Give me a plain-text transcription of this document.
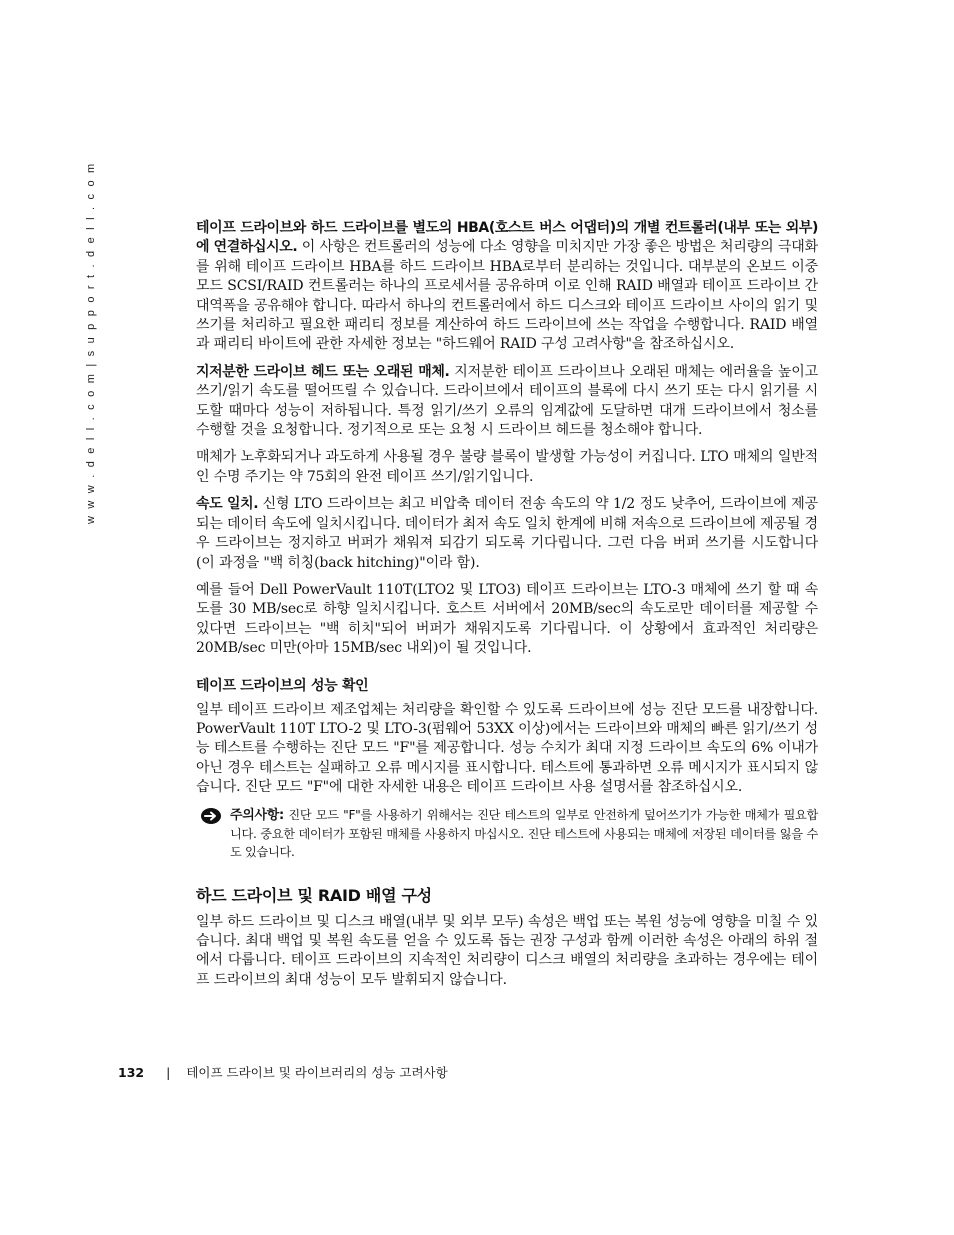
w w w . d e l l . c o m | s u p p o r t . d e l l . c o m	테이프 드라이브와 하드 드라이브를 별도의 HBA(호스트 버스 어댑터)의 개별 컨트롤러(내부 또는 외부)에 연결하십시오. 이 사항은 컨트롤러의 성능에 다소 영향을 미치지만 가장 좋은 방법은 처리량의 극대화를 위해 테이프 드라이브 HBA를 하드 드라이브 HBA로부터 분리하는 것입니다. 대부분의 온보드 이중 모드 SCSI/RAID 컨트롤러는 하나의 프로세서를 공유하며 이로 인해 RAID 배열과 테이프 드라이브 간 대역폭을 공유해야 합니다. 따라서 하나의 컨트롤러에서 하드 디스크와 테이프 드라이브 사이의 읽기 및 쓰기를 처리하고 필요한 패리티 정보를 계산하여 하드 드라이브에 쓰는 작업을 수행합니다. RAID 배열과 패리티 바이트에 관한 자세한 정보는 "하드웨어 RAID 구성 고려사항"을 참조하십시오.

지저분한 드라이브 헤드 또는 오래된 매체. 지저분한 테이프 드라이브나 오래된 매체는 에러율을 높이고 쓰기/읽기 속도를 떨어뜨릴 수 있습니다. 드라이브에서 테이프의 블록에 다시 쓰기 또는 다시 읽기를 시도할 때마다 성능이 저하됩니다. 특정 읽기/쓰기 오류의 임계값에 도달하면 대개 드라이브에서 청소를 수행할 것을 요청합니다. 정기적으로 또는 요청 시 드라이브 헤드를 청소해야 합니다.

매체가 노후화되거나 과도하게 사용될 경우 불량 블록이 발생할 가능성이 커집니다. LTO 매체의 일반적인 수명 주기는 약 75회의 완전 테이프 쓰기/읽기입니다.

속도 일치. 신형 LTO 드라이브는 최고 비압축 데이터 전송 속도의 약 1/2 정도 낮추어, 드라이브에 제공되는 데이터 속도에 일치시킵니다. 데이터가 최저 속도 일치 한계에 비해 저속으로 드라이브에 제공될 경우 드라이브는 정지하고 버퍼가 채워져 되감기 되도록 기다립니다. 그런 다음 버퍼 쓰기를 시도합니다(이 과정을 "백 히칭(back hitching)"이라 함).

예를 들어 Dell PowerVault 110T(LTO2 및 LTO3) 테이프 드라이브는 LTO-3 매체에 쓰기 할 때 속도를 30 MB/sec로 하향 일치시킵니다. 호스트 서버에서 20MB/sec의 속도로만 데이터를 제공할 수 있다면 드라이브는 "백 히치"되어 버퍼가 채워지도록 기다립니다. 이 상황에서 효과적인 처리량은 20MB/sec 미만(아마 15MB/sec 내외)이 될 것입니다.

테이프 드라이브의 성능 확인

일부 테이프 드라이브 제조업체는 처리량을 확인할 수 있도록 드라이브에 성능 진단 모드를 내장합니다. PowerVault 110T LTO-2 및 LTO-3(펌웨어 53XX 이상)에서는 드라이브와 매체의 빠른 읽기/쓰기 성능 테스트를 수행하는 진단 모드 "F"를 제공합니다. 성능 수치가 최대 지정 드라이브 속도의 6% 이내가 아닌 경우 테스트는 실패하고 오류 메시지를 표시합니다. 테스트에 통과하면 오류 메시지가 표시되지 않습니다. 진단 모드 "F"에 대한 자세한 내용은 테이프 드라이브 사용 설명서를 참조하십시오.

주의사항: 진단 모드 "F"를 사용하기 위해서는 진단 테스트의 일부로 안전하게 덮어쓰기가 가능한 매체가 필요합니다. 중요한 데이터가 포함된 매체를 사용하지 마십시오. 진단 테스트에 사용되는 매체에 저장된 데이터를 잃을 수도 있습니다.
하드 드라이브 및 RAID 배열 구성

일부 하드 드라이브 및 디스크 배열(내부 및 외부 모두) 속성은 백업 또는 복원 성능에 영향을 미칠 수 있습니다. 최대 백업 및 복원 속도를 얻을 수 있도록 돕는 권장 구성과 함께 이러한 속성은 아래의 하위 절에서 다룹니다. 테이프 드라이브의 지속적인 처리량이 디스크 배열의 처리량을 초과하는 경우에는 테이프 드라이브의 최대 성능이 모두 발휘되지 않습니다.

132 | 테이프 드라이브 및 라이브러리의 성능 고려사항
